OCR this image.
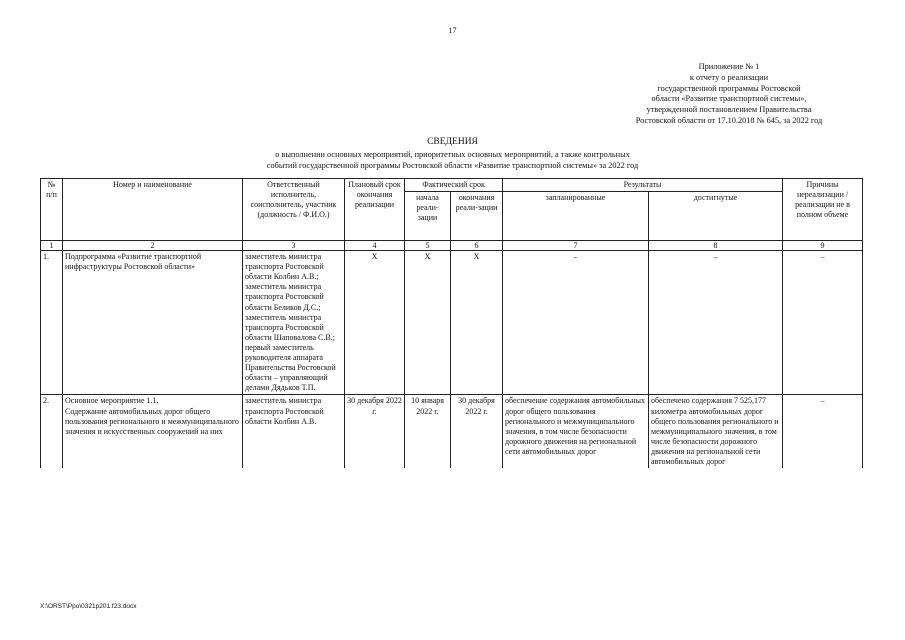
17
Приложение № 1
к отчету о реализации
государственной программы Ростовской
области «Развитие транспортной системы»,
утвержденной постановлением Правительства
Ростовской области от 17.10.2018 № 645, за 2022 год
СВЕДЕНИЯ
о выполнении основных мероприятий, приоритетных основных мероприятий, а также контрольных
событий государственной программы Ростовской области «Развитие транспортной системы» за 2022 год
№
п/п	Номер и наименование	Ответственный исполнитель, соисполнитель, участник (должность / Ф.И.О.)	Плановый срок окончания реализации	Фактический срок		Результаты		Причины нереализации / реализации не в полном объеме
				начала реали-зации	окончания реали-зации	запланированные	достигнутые	
1	2	3	4	5	6	7	8	9
1.	Подпрограмма «Развитие транспортной инфраструктуры Ростовской области»	заместитель министра транспорта Ростовской области Колбин А.В.;
заместитель министра транспорта Ростовской области Беликов Д.С.;
заместитель министра транспорта Ростовской области Шаповалова С.В.;
первый заместитель руководителя аппарата Правительства Ростовской области – управляющий делами Дядьков Т.П.	Х	Х	Х	–	–	–
2.	Основное мероприятие 1.1.
Содержание автомобильных дорог общего пользования регионального и межмуниципального значения и искусственных сооружений на них	заместитель министра транспорта Ростовской области Колбин А.В.	30 декабря 2022 г.	10 января 2022 г.	30 декабря 2022 г.	обеспечение содержания автомобильных дорог общего пользования регионального и межмуниципального значения, в том числе безопасности дорожного движения на региональной сети автомобильных дорог	обеспечено содержания 7 525,177 километра автомобильных дорог общего пользования регионального и межмуниципального значения, в том числе безопасности дорожного движения на региональной сети автомобильных дорог	–
X:\ORST\Ppo\0321p201.f23.docx
